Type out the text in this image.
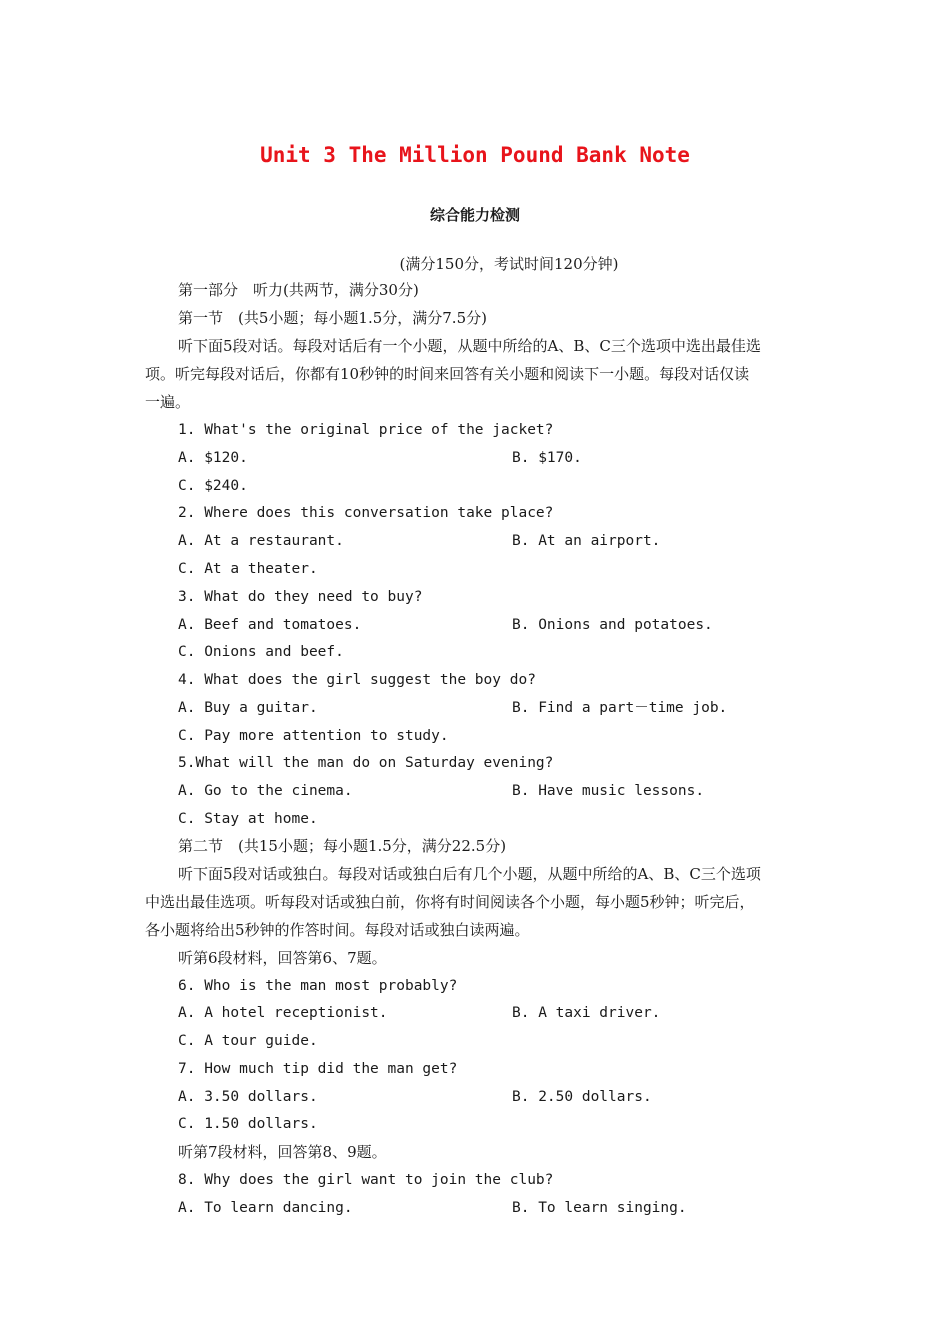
Unit 3 The Million Pound Bank Note
综合能力检测
(满分150分，考试时间120分钟)
第一部分　听力(共两节，满分30分)
第一节　(共5小题；每小题1.5分，满分7.5分)
听下面5段对话。每段对话后有一个小题，从题中所给的A、B、C三个选项中选出最佳选
项。听完每段对话后，你都有10秒钟的时间来回答有关小题和阅读下一小题。每段对话仅读
一遍。
1. What's the original price of the jacket?
A. $120.	B. $170.
C. $240.
2. Where does this conversation take place?
A. At a restaurant.	B. At an airport.
C. At a theater.
3. What do they need to buy?
A. Beef and tomatoes.	B. Onions and potatoes.
C. Onions and beef.
4. What does the girl suggest the boy do?
A. Buy a guitar.	B. Find a part－time job.
C. Pay more attention to study.
5.What will the man do on Saturday evening?
A. Go to the cinema.	B. Have music lessons.
C. Stay at home.
第二节　(共15小题；每小题1.5分，满分22.5分)
听下面5段对话或独白。每段对话或独白后有几个小题，从题中所给的A、B、C三个选项
中选出最佳选项。听每段对话或独白前，你将有时间阅读各个小题，每小题5秒钟；听完后，
各小题将给出5秒钟的作答时间。每段对话或独白读两遍。
听第6段材料，回答第6、7题。
6. Who is the man most probably?
A. A hotel receptionist.	B. A taxi driver.
C. A tour guide.
7. How much tip did the man get?
A. 3.50 dollars.	B. 2.50 dollars.
C. 1.50 dollars.
听第7段材料，回答第8、9题。
8. Why does the girl want to join the club?
A. To learn dancing.	B. To learn singing.
